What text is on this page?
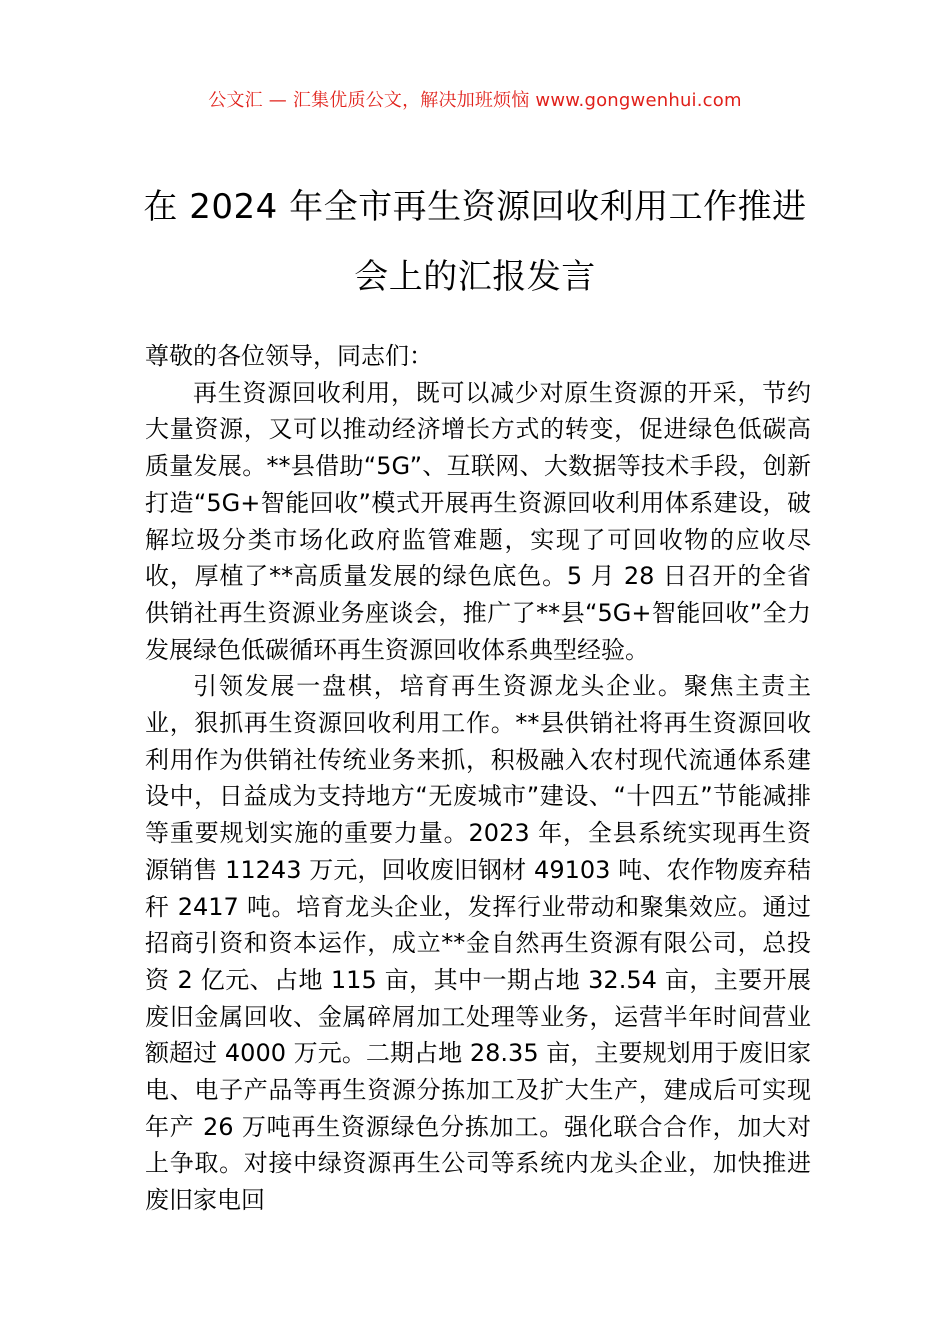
公文汇 — 汇集优质公文，解决加班烦恼 www.gongwenhui.com
在 2024 年全市再生资源回收利用工作推进
会上的汇报发言

尊敬的各位领导，同志们：

再生资源回收利用，既可以减少对原生资源的开采，节约大量资源，又可以推动经济增长方式的转变，促进绿色低碳高质量发展。**县借助“5G”、互联网、大数据等技术手段，创新打造“5G+智能回收”模式开展再生资源回收利用体系建设，破解垃圾分类市场化政府监管难题，实现了可回收物的应收尽收，厚植了**高质量发展的绿色底色。5 月 28 日召开的全省供销社再生资源业务座谈会，推广了**县“5G+智能回收”全力发展绿色低碳循环再生资源回收体系典型经验。

引领发展一盘棋，培育再生资源龙头企业。聚焦主责主业，狠抓再生资源回收利用工作。**县供销社将再生资源回收利用作为供销社传统业务来抓，积极融入农村现代流通体系建设中，日益成为支持地方“无废城市”建设、“十四五”节能减排等重要规划实施的重要力量。2023 年，全县系统实现再生资源销售 11243 万元，回收废旧钢材 49103 吨、农作物废弃秸秆 2417 吨。培育龙头企业，发挥行业带动和聚集效应。通过招商引资和资本运作，成立**金自然再生资源有限公司，总投资 2 亿元、占地 115 亩，其中一期占地 32.54 亩，主要开展废旧金属回收、金属碎屑加工处理等业务，运营半年时间营业额超过 4000 万元。二期占地 28.35 亩，主要规划用于废旧家电、电子产品等再生资源分拣加工及扩大生产，建成后可实现年产 26 万吨再生资源绿色分拣加工。强化联合合作，加大对上争取。对接中绿资源再生公司等系统内龙头企业，加快推进废旧家电回
